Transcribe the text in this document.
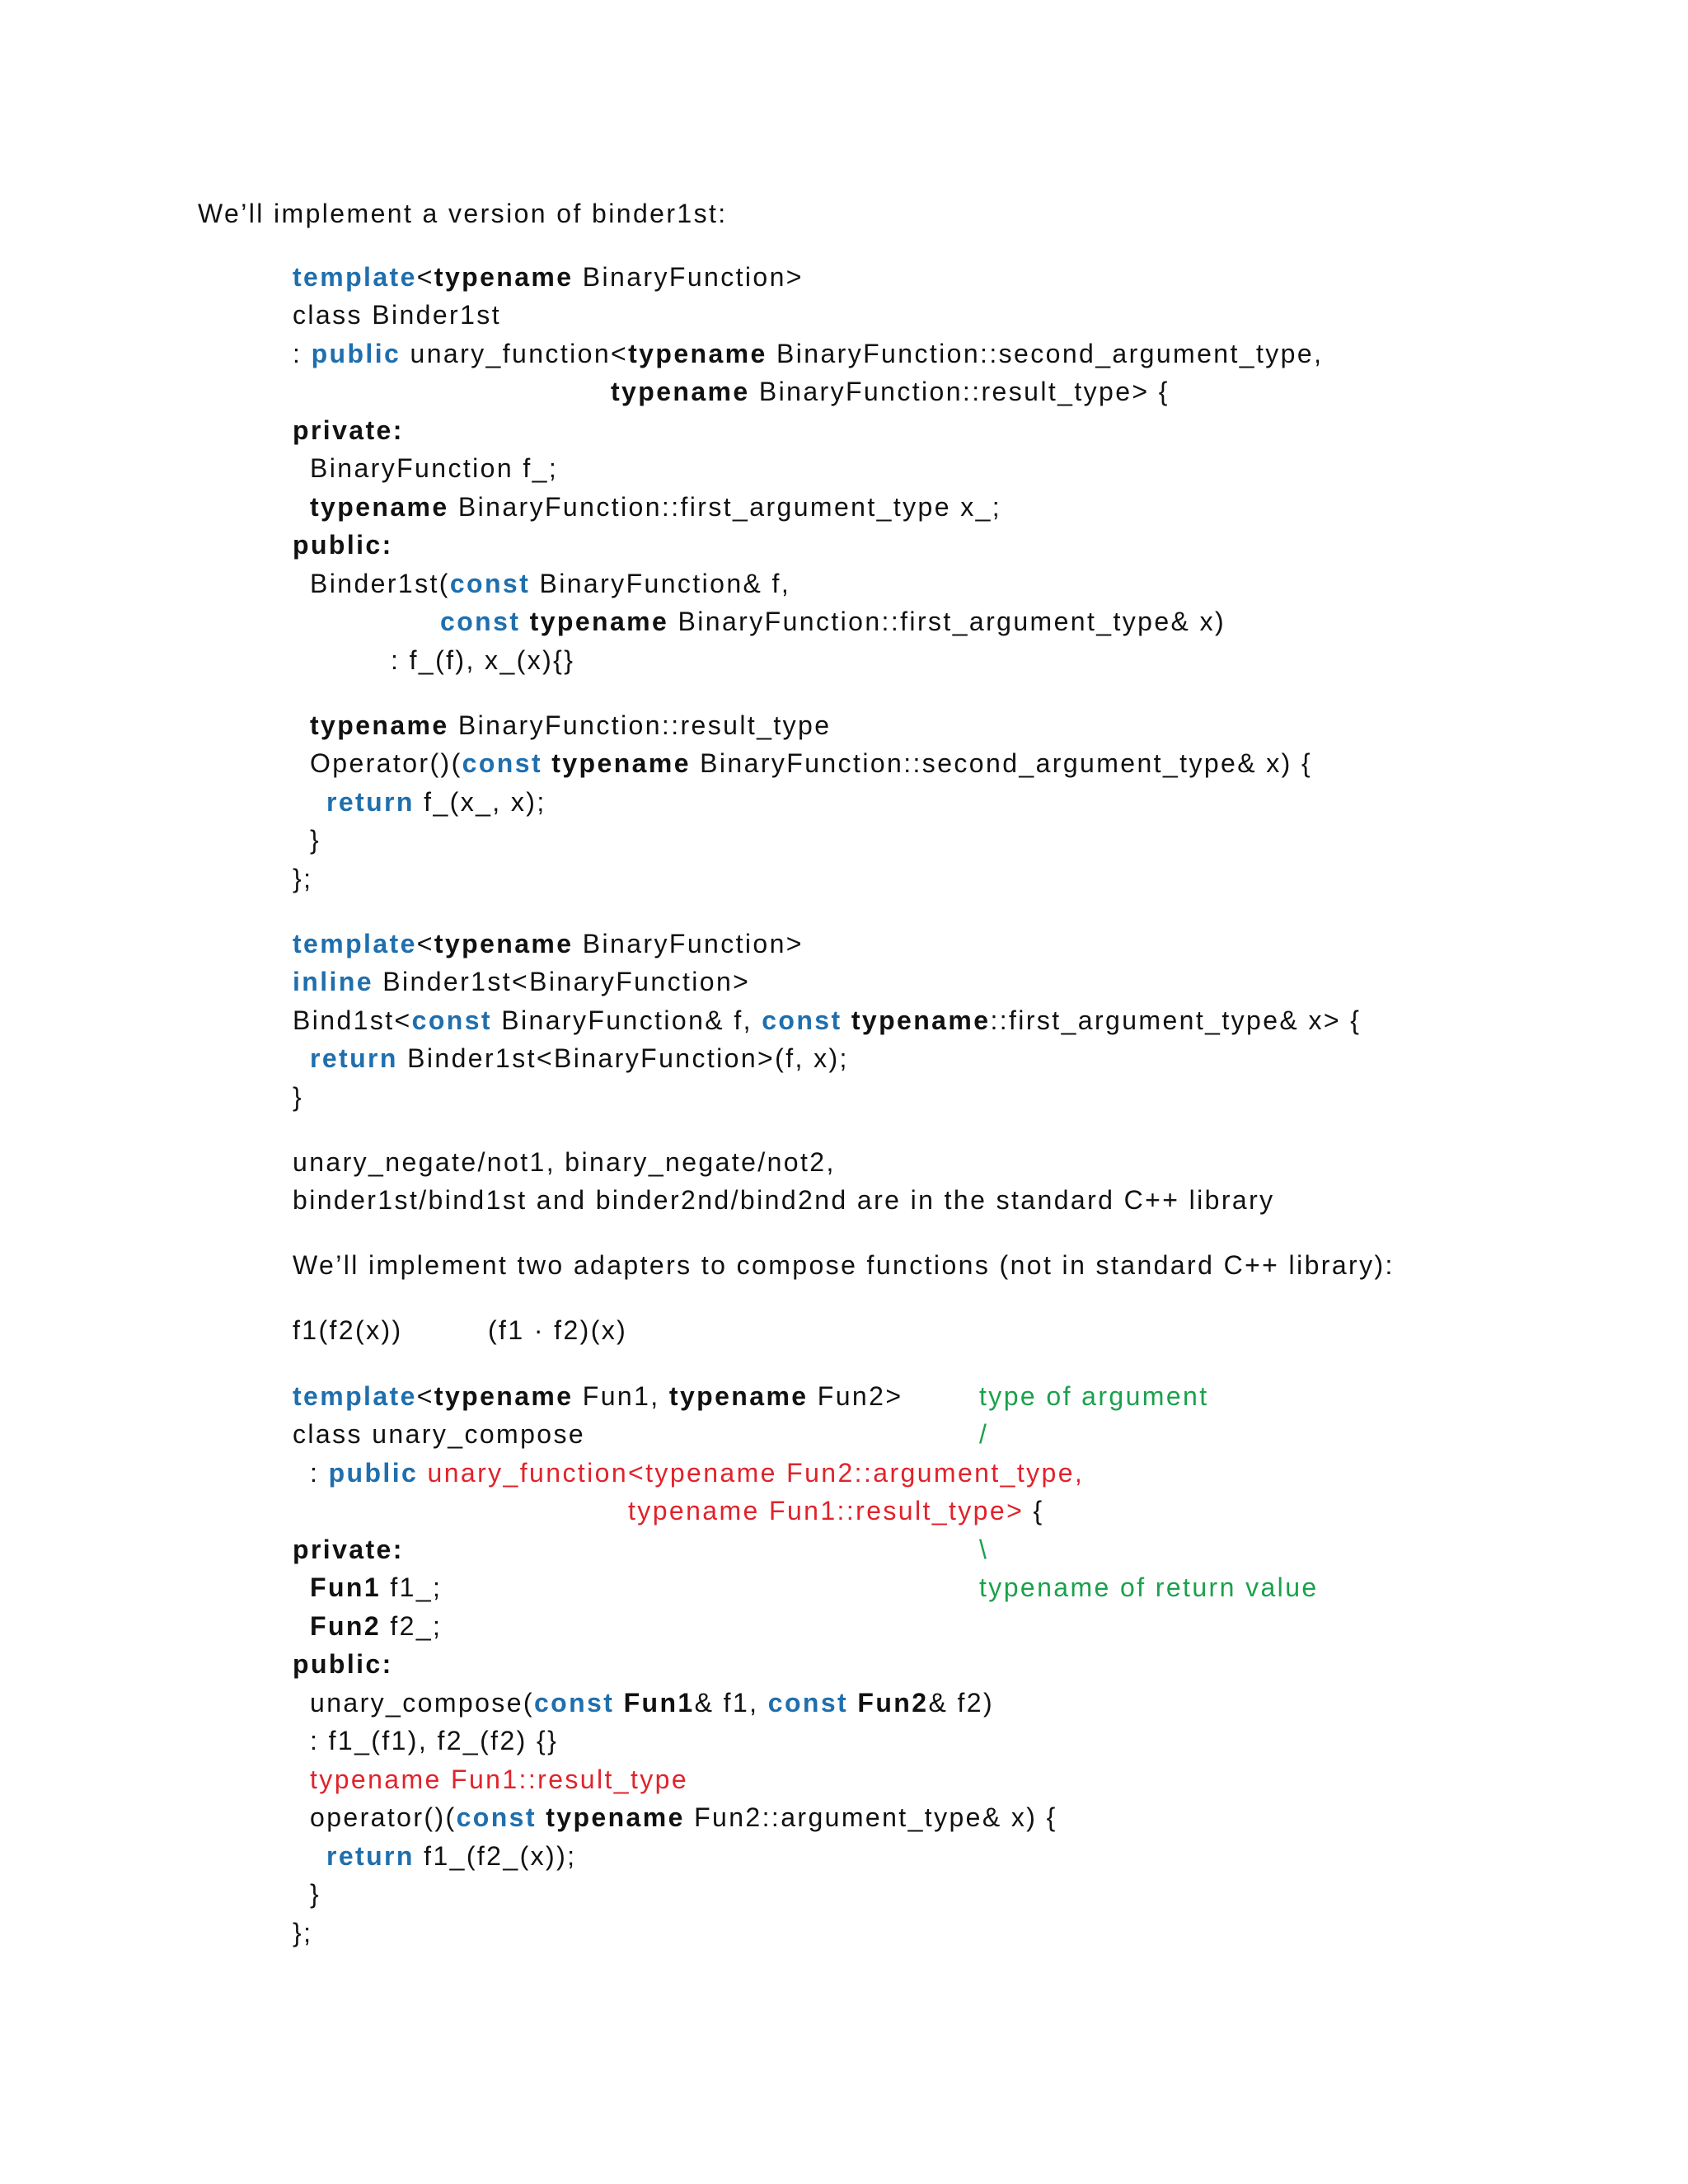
We’ll implement a version of binder1st:
template<typename BinaryFunction>
class Binder1st
: public unary_function<typename BinaryFunction::second_argument_type,
typename BinaryFunction::result_type> {
private:
BinaryFunction f_;
typename BinaryFunction::first_argument_type x_;
public:
Binder1st(const BinaryFunction& f,
const typename BinaryFunction::first_argument_type& x)
: f_(f), x_(x){}
typename BinaryFunction::result_type
Operator()(const typename BinaryFunction::second_argument_type& x) {
return f_(x_, x);
}
};
template<typename BinaryFunction>
inline Binder1st<BinaryFunction>
Bind1st<const BinaryFunction& f, const typename::first_argument_type& x> {
return Binder1st<BinaryFunction>(f, x);
}
unary_negate/not1, binary_negate/not2,
binder1st/bind1st and binder2nd/bind2nd are in the standard C++ library
We’ll implement two adapters to compose functions (not in standard C++ library):
f1(f2(x))	(f1 · f2)(x)
template<typename Fun1, typename Fun2>
class unary_compose
: public unary_function<typename Fun2::argument_type,
typename Fun1::result_type> {
private:
Fun1 f1_;
Fun2 f2_;
public:
unary_compose(const Fun1& f1, const Fun2& f2)
: f1_(f1), f2_(f2) {}
typename Fun1::result_type
operator()(const typename Fun2::argument_type& x) {
return f1_(f2_(x));
}
};
type of argument
/
\
typename of return value
